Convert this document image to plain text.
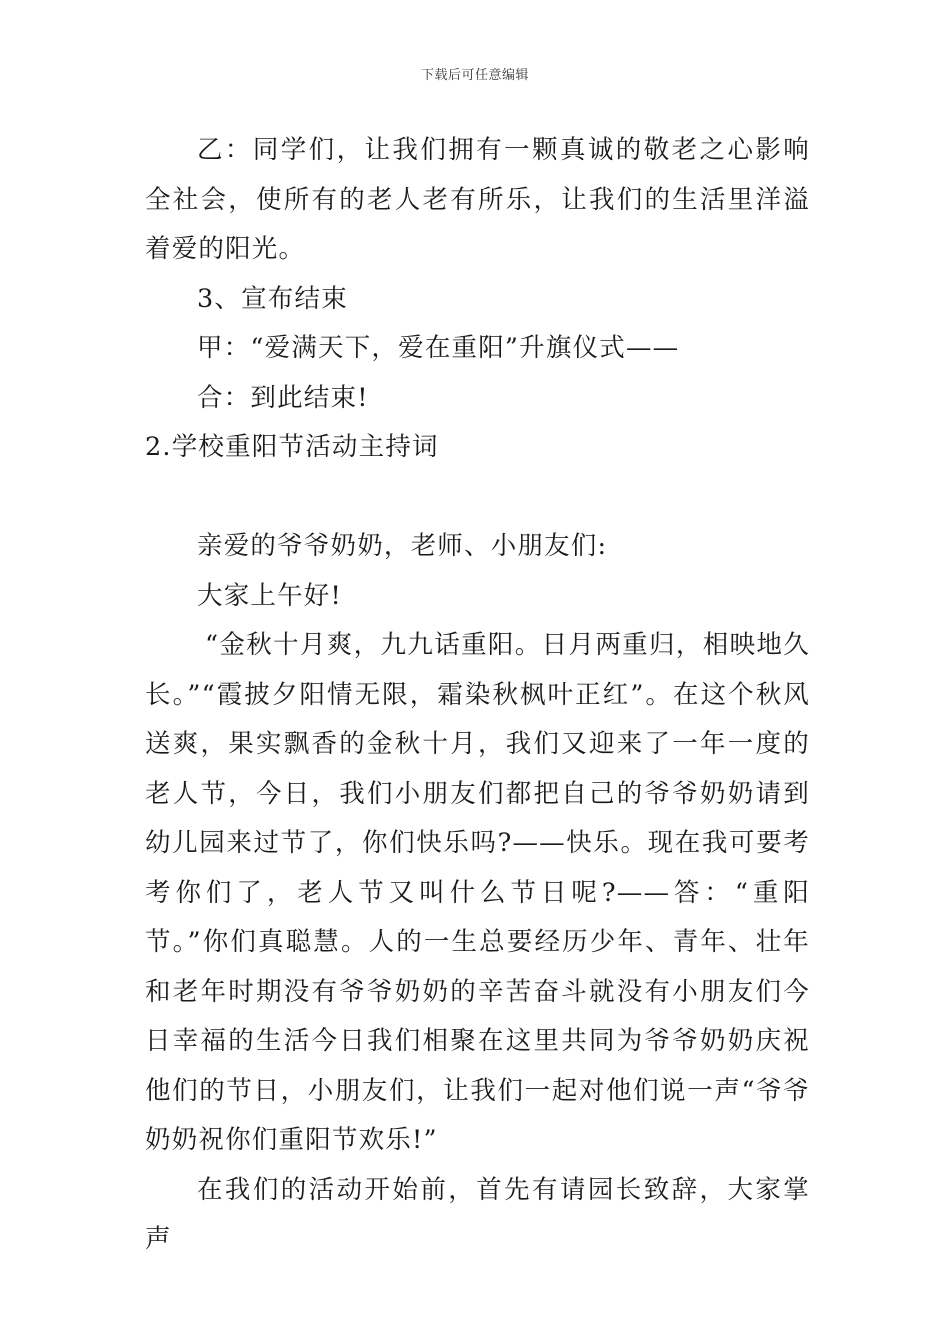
下载后可任意编辑

乙：同学们，让我们拥有一颗真诚的敬老之心影响全社会，使所有的老人老有所乐，让我们的生活里洋溢着爱的阳光。

3、宣布结束

甲：“爱满天下，爱在重阳”升旗仪式——

合：到此结束!

2.学校重阳节活动主持词

亲爱的爷爷奶奶，老师、小朋友们:

大家上午好!

“金秋十月爽，九九话重阳。日月两重归，相映地久长。”“霞披夕阳情无限，霜染秋枫叶正红”。在这个秋风送爽，果实飘香的金秋十月，我们又迎来了一年一度的老人节，今日，我们小朋友们都把自己的爷爷奶奶请到幼儿园来过节了，你们快乐吗?——快乐。现在我可要考考你们了，老人节又叫什么节日呢?——答：“重阳节。”你们真聪慧。人的一生总要经历少年、青年、壮年和老年时期没有爷爷奶奶的辛苦奋斗就没有小朋友们今日幸福的生活今日我们相聚在这里共同为爷爷奶奶庆祝他们的节日，小朋友们，让我们一起对他们说一声“爷爷奶奶祝你们重阳节欢乐!”

在我们的活动开始前，首先有请园长致辞，大家掌声
